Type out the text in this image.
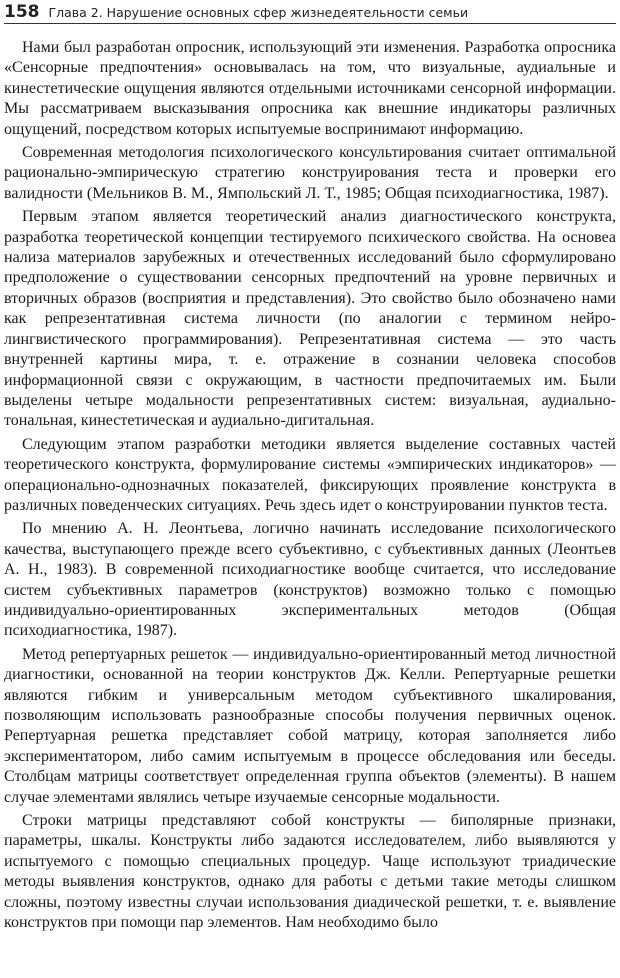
158 Глава 2. Нарушение основных сфер жизнедеятельности семьи

Нами был разработан опросник, использующий эти изменения. Разработка опросника «Сенсорные предпочтения» основывалась на том, что визуальные, аудиальные и кинестетические ощущения являются отдельными источниками сенсорной информации. Мы рассматриваем высказывания опросника как внешние индикаторы различных ощущений, посредством которых испытуемые воспринимают информацию.

Современная методология психологического консультирования считает оптимальной рационально-эмпирическую стратегию конструирования теста и проверки его валидности (Мельников В. М., Ямпольский Л. Т., 1985; Общая психодиагностика, 1987).

Первым этапом является теоретический анализ диагностического конструкта, разработка теоретической концепции тестируемого психического свойства. На основеа нализа материалов зарубежных и отечественных исследований было сформулировано предположение о существовании сенсорных предпочтений на уровне первичных и вторичных образов (восприятия и представления). Это свойство было обозначено нами как репрезентативная система личности (по аналогии с термином нейро-лингвистического программирования). Репрезентативная система — это часть внутренней картины мира, т. е. отражение в сознании человека способов информационной связи с окружающим, в частности предпочитаемых им. Были выделены четыре модальности репрезентативных систем: визуальная, аудиально-тональная, кинестетическая и аудиально-дигитальная.

Следующим этапом разработки методики является выделение составных частей теоретического конструкта, формулирование системы «эмпирических индикаторов» — операционально-однозначных показателей, фиксирующих проявление конструкта в различных поведенческих ситуациях. Речь здесь идет о конструировании пунктов теста.

По мнению А. Н. Леонтьева, логично начинать исследование психологического качества, выступающего прежде всего субъективно, с субъективных данных (Леонтьев А. Н., 1983). В современной психодиагностике вообще считается, что исследование систем субъективных параметров (конструктов) возможно только с помощью индивидуально-ориентированных экспериментальных методов (Общая психодиагностика, 1987).

Метод репертуарных решеток — индивидуально-ориентированный метод личностной диагностики, основанной на теории конструктов Дж. Келли. Репертуарные решетки являются гибким и универсальным методом субъективного шкалирования, позволяющим использовать разнообразные способы получения первичных оценок. Репертуарная решетка представляет собой матрицу, которая заполняется либо экспериментатором, либо самим испытуемым в процессе обследования или беседы. Столбцам матрицы соответствует определенная группа объектов (элементы). В нашем случае элементами являлись четыре изучаемые сенсорные модальности.

Строки матрицы представляют собой конструкты — биполярные признаки, параметры, шкалы. Конструкты либо задаются исследователем, либо выявляются у испытуемого с помощью специальных процедур. Чаще используют триадические методы выявления конструктов, однако для работы с детьми такие методы слишком сложны, поэтому известны случаи использования диадической решетки, т. е. выявление конструктов при помощи пар элементов. Нам необходимо было
